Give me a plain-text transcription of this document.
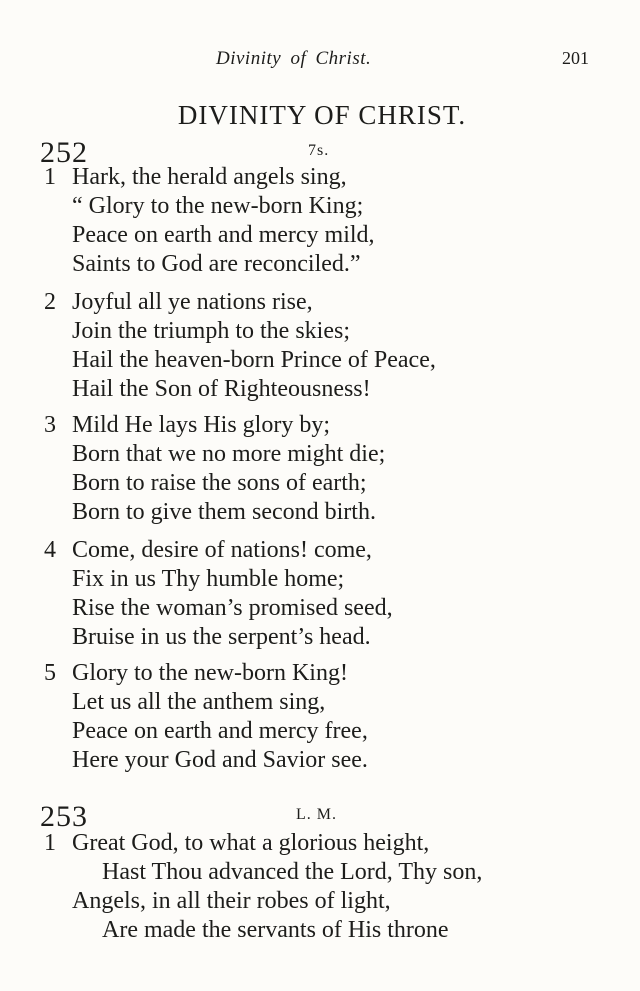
Divinity of Christ.	201
DIVINITY OF CHRIST.
252	7s.
1 Hark, the herald angels sing,
“ Glory to the new-born King;
Peace on earth and mercy mild,
Saints to God are reconciled.”
2 Joyful all ye nations rise,
Join the triumph to the skies;
Hail the heaven-born Prince of Peace,
Hail the Son of Righteousness!
3 Mild He lays His glory by;
Born that we no more might die;
Born to raise the sons of earth;
Born to give them second birth.
4 Come, desire of nations! come,
Fix in us Thy humble home;
Rise the woman’s promised seed,
Bruise in us the serpent’s head.
5 Glory to the new-born King!
Let us all the anthem sing,
Peace on earth and mercy free,
Here your God and Savior see.
253	L. M.
1 Great God, to what a glorious height,
Hast Thou advanced the Lord, Thy son,
Angels, in all their robes of light,
Are made the servants of His throne
